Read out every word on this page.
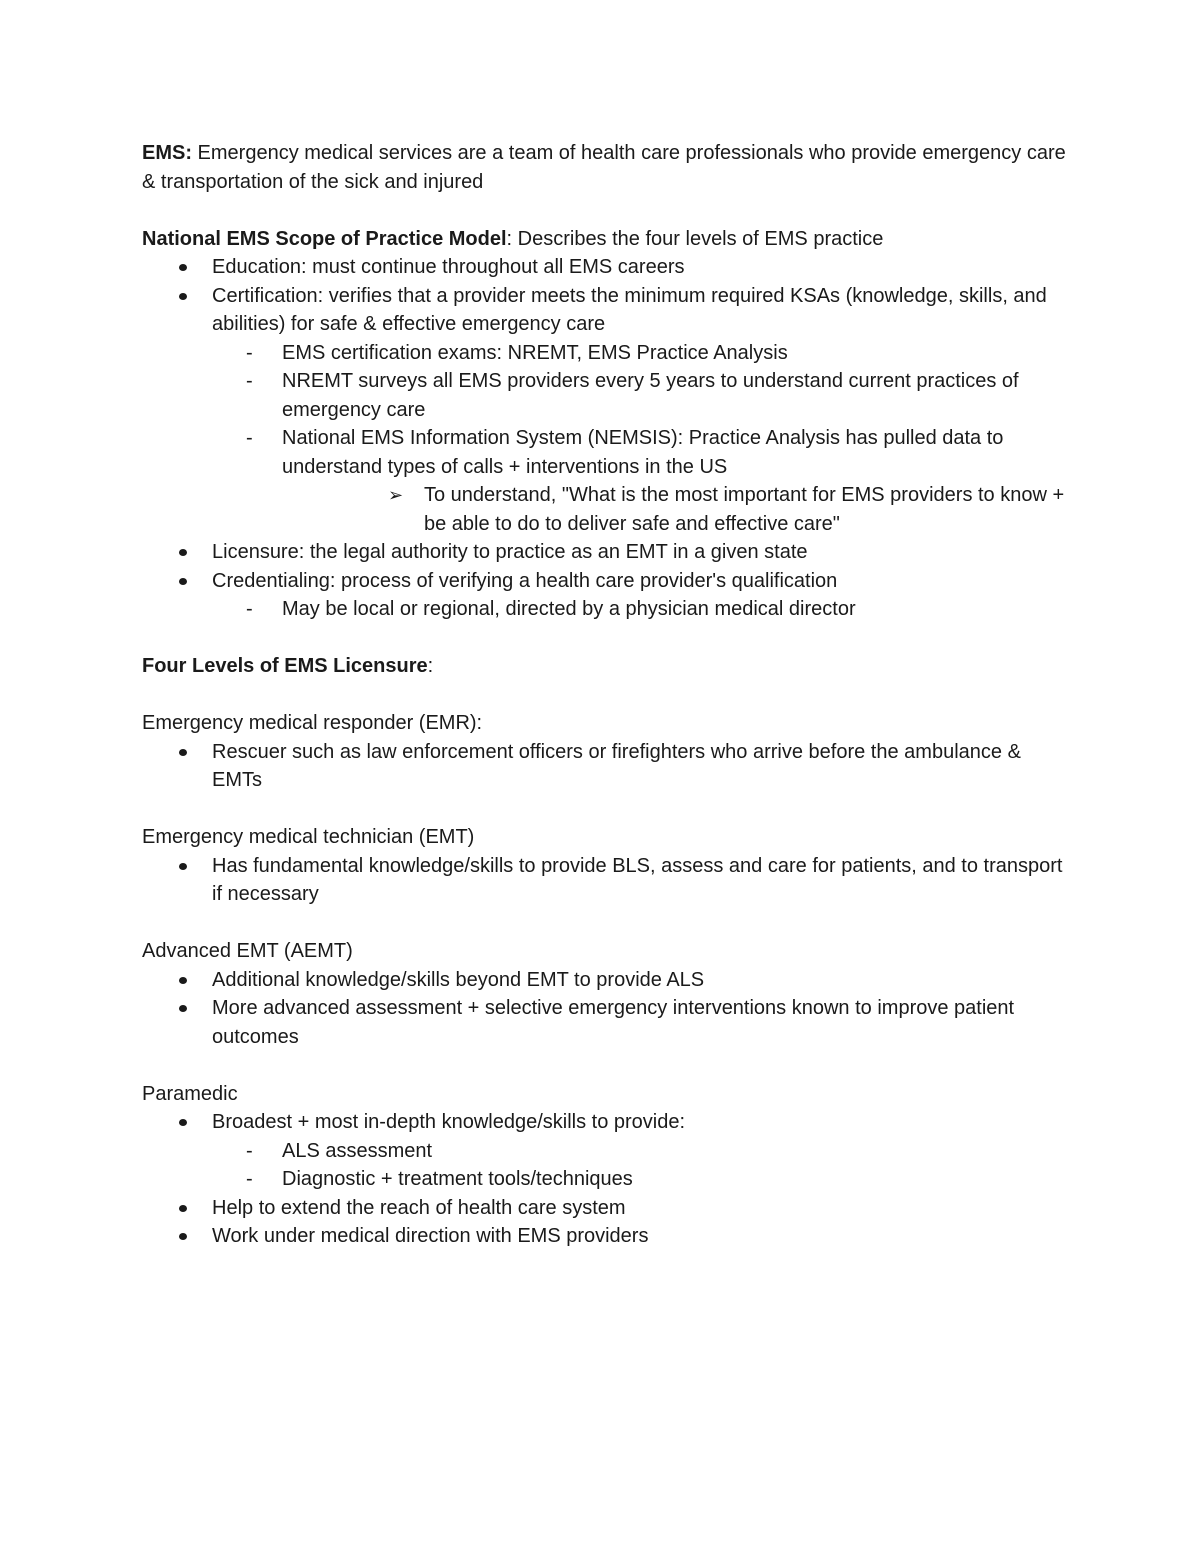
EMS: Emergency medical services are a team of health care professionals who provide emergency care & transportation of the sick and injured

National EMS Scope of Practice Model: Describes the four levels of EMS practice

Education: must continue throughout all EMS careers
Certification: verifies that a provider meets the minimum required KSAs (knowledge, skills, and abilities) for safe & effective emergency care
- EMS certification exams: NREMT, EMS Practice Analysis
- NREMT surveys all EMS providers every 5 years to understand current practices of emergency care
- National EMS Information System (NEMSIS): Practice Analysis has pulled data to understand types of calls + interventions in the US
➢ To understand, "What is the most important for EMS providers to know + be able to do to deliver safe and effective care"
Licensure: the legal authority to practice as an EMT in a given state
Credentialing: process of verifying a health care provider's qualification
- May be local or regional, directed by a physician medical director

Four Levels of EMS Licensure:

Emergency medical responder (EMR):

Rescuer such as law enforcement officers or firefighters who arrive before the ambulance & EMTs

Emergency medical technician (EMT)

Has fundamental knowledge/skills to provide BLS, assess and care for patients, and to transport if necessary

Advanced EMT (AEMT)

Additional knowledge/skills beyond EMT to provide ALS
More advanced assessment + selective emergency interventions known to improve patient outcomes

Paramedic

Broadest + most in-depth knowledge/skills to provide:
- ALS assessment
- Diagnostic + treatment tools/techniques
Help to extend the reach of health care system
Work under medical direction with EMS providers
